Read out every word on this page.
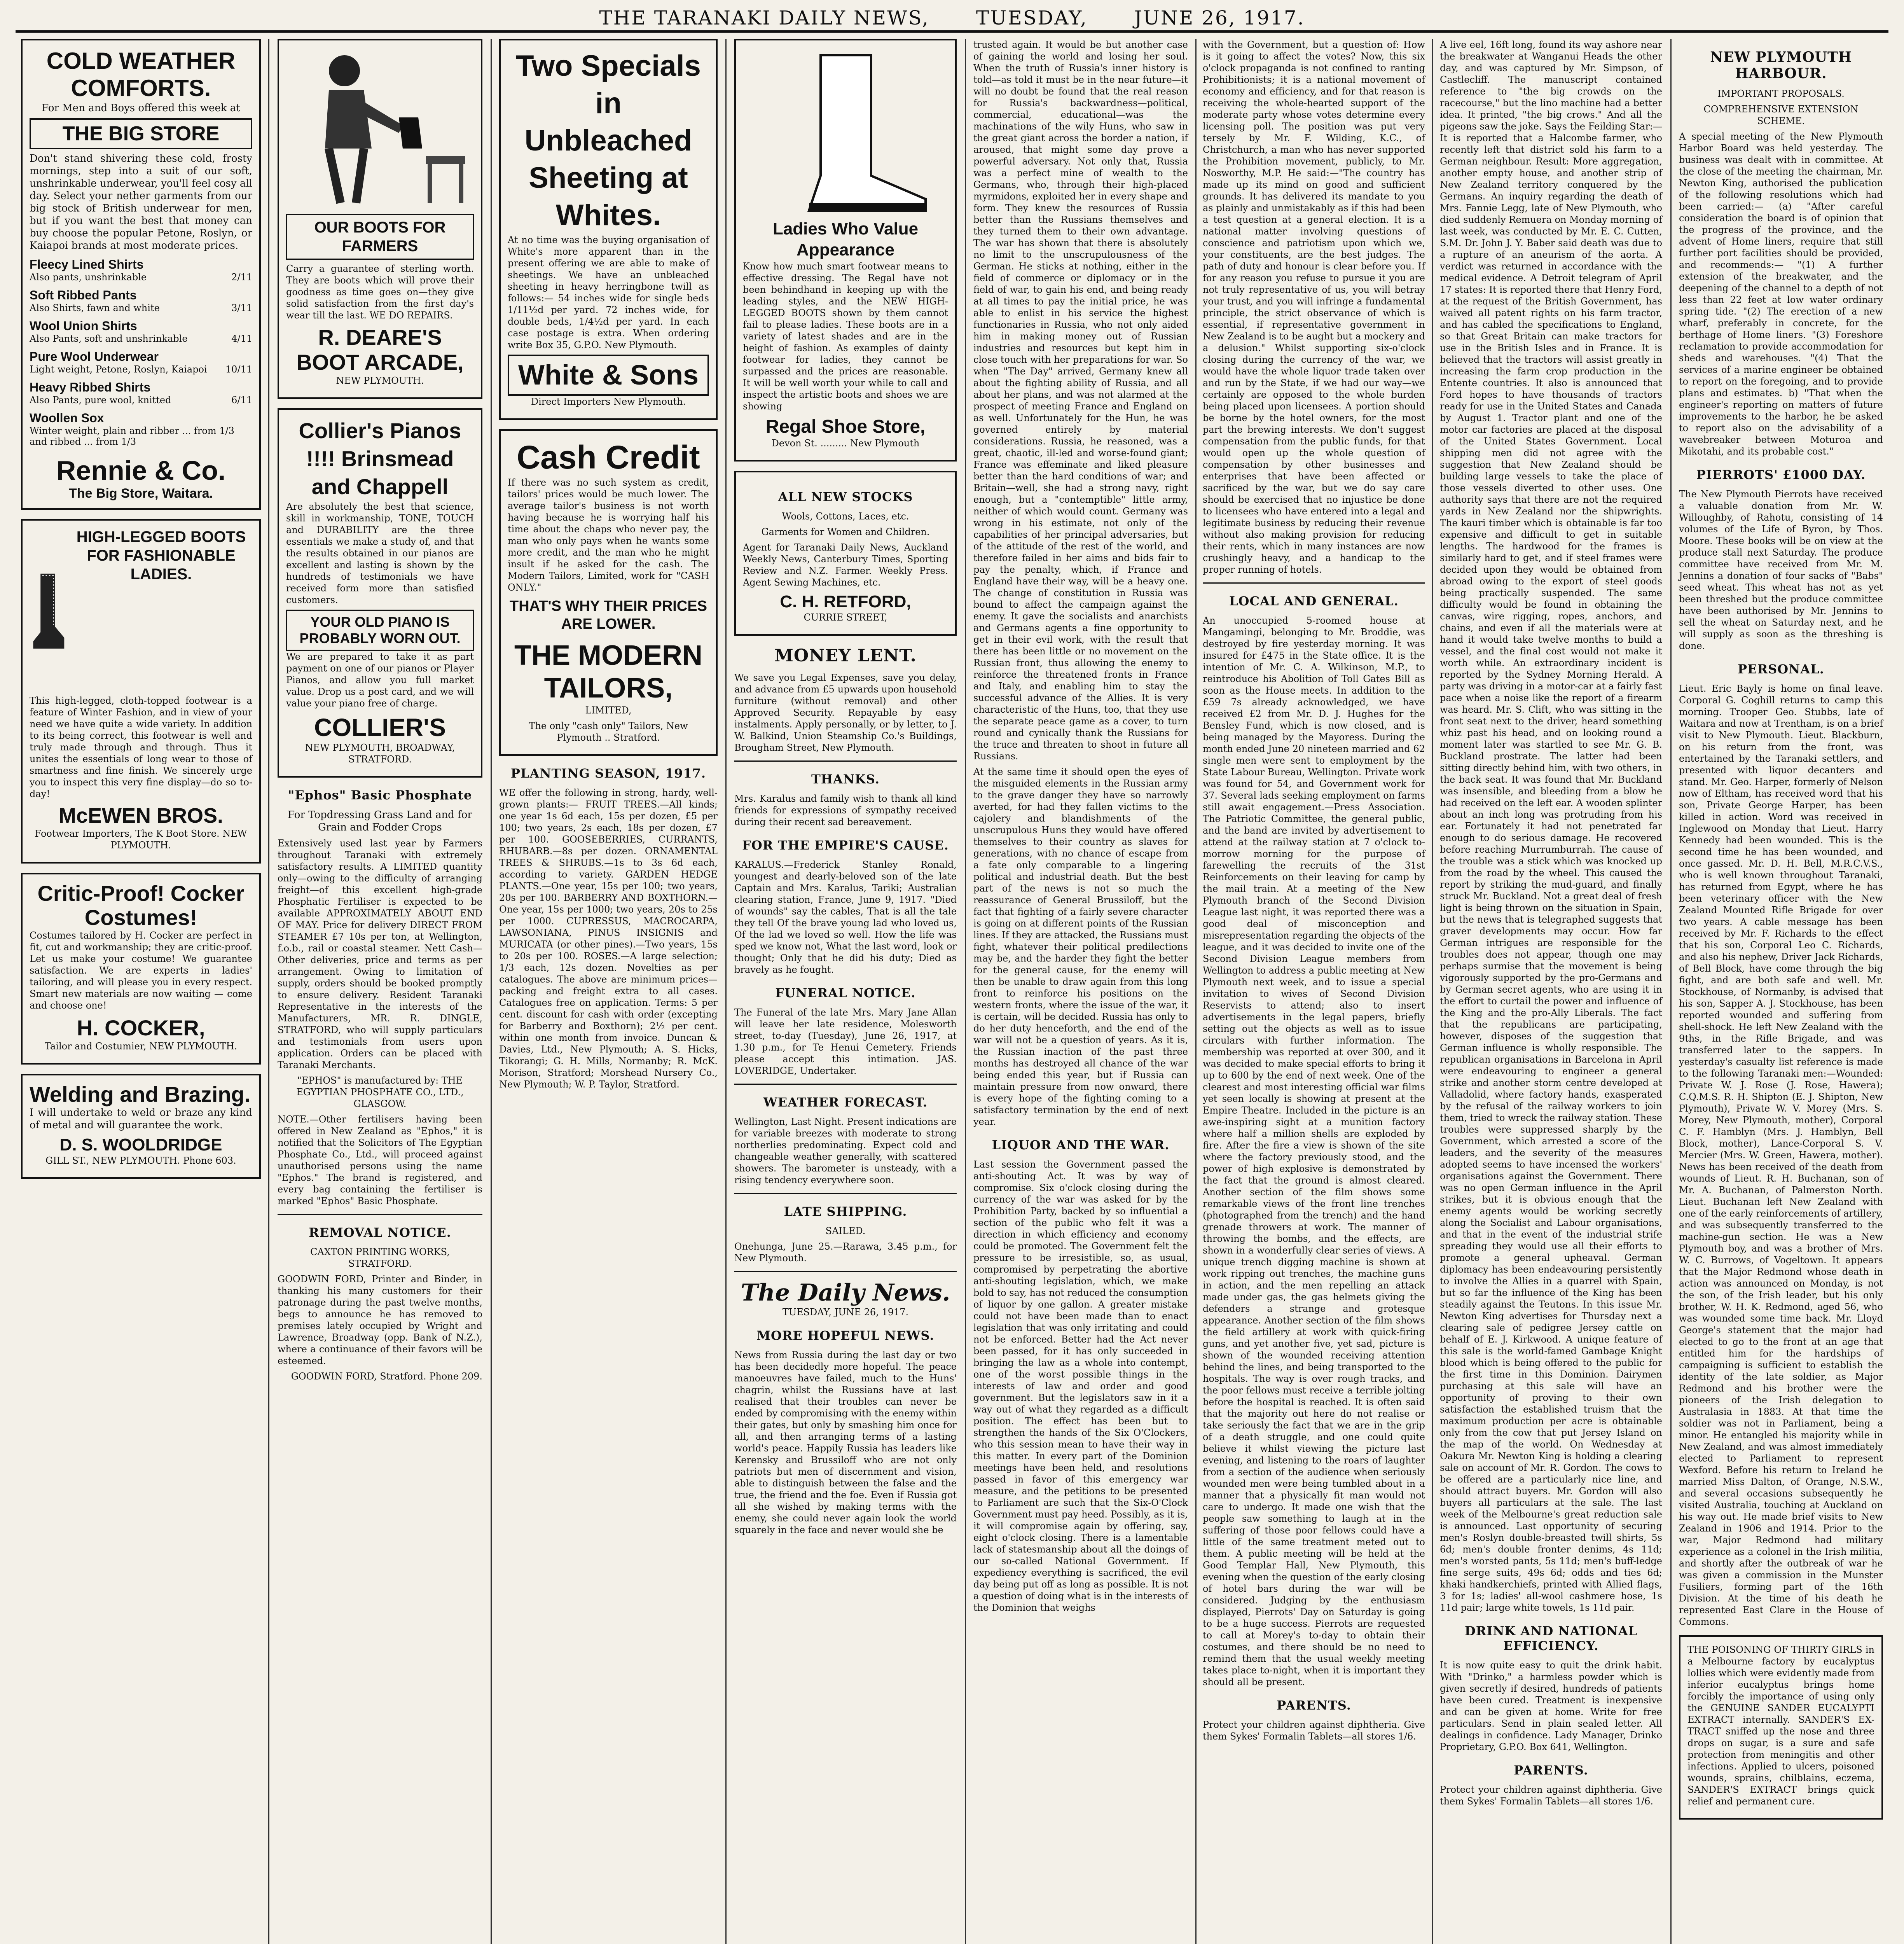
THE TARANAKI DAILY NEWS, TUESDAY, JUNE 26, 1917.
COLD WEATHER COMFORTS.

For Men and Boys offered this week at

THE BIG STORE

Don't stand shivering these cold, frosty mornings, step into a suit of our soft, unshrinkable underwear, you'll feel cosy all day. Select your nether garments from our big stock of British underwear for men, but if you want the best that money can buy choose the popular Petone, Roslyn, or Kaiapoi brands at most moderate prices.

Fleecy Lined Shirts
Also pants, unshrinkable	2/11
Soft Ribbed Pants
Also Shirts, fawn and white	3/11
Wool Union Shirts
Also Pants, soft and unshrinkable	4/11
Pure Wool Underwear
Light weight, Petone, Roslyn, Kaiapoi 10/11
Heavy Ribbed Shirts
Also Pants, pure wool, knitted	6/11
Woollen Sox
Winter weight, plain and ribber ... from 1/3 and ribbed ... from 1/3
Rennie & Co.
The Big Store, Waitara.
HIGH-LEGGED BOOTS FOR FASHIONABLE LADIES.

This high-legged, cloth-topped footwear is a feature of Winter Fashion, and in view of your need we have quite a wide variety. In addition to its being correct, this footwear is well and truly made through and through. Thus it unites the essentials of long wear to those of smartness and fine finish. We sincerely urge you to inspect this very fine display—do so to-day!

McEWEN BROS.

Footwear Importers, The K Boot Store. NEW PLYMOUTH.

Critic-Proof! Cocker Costumes!

Costumes tailored by H. Cocker are perfect in fit, cut and workmanship; they are critic-proof. Let us make your costume! We guarantee satisfaction. We are experts in ladies' tailoring, and will please you in every respect. Smart new materials are now waiting — come and choose one!

H. COCKER,

Tailor and Costumier, NEW PLYMOUTH.

Welding and Brazing.

I will undertake to weld or braze any kind of metal and will guarantee the work.

D. S. WOOLDRIDGE

GILL ST., NEW PLYMOUTH. Phone 603.

OUR BOOTS FOR FARMERS

Carry a guarantee of sterling worth. They are boots which will prove their goodness as time goes on—they give solid satisfaction from the first day's wear till the last. WE DO REPAIRS.

R. DEARE'S BOOT ARCADE,

NEW PLYMOUTH.

Collier's Pianos !!!! Brinsmead and Chappell

Are absolutely the best that science, skill in workmanship, TONE, TOUCH and DURABILITY are the three essentials we make a study of, and that the results obtained in our pianos are excellent and lasting is shown by the hundreds of testimonials we have received form more than satisfied customers.

YOUR OLD PIANO IS PROBABLY WORN OUT.

We are prepared to take it as part payment on one of our pianos or Player Pianos, and allow you full market value. Drop us a post card, and we will value your piano free of charge.

COLLIER'S

NEW PLYMOUTH, BROADWAY, STRATFORD.

"Ephos" Basic Phosphate

For Topdressing Grass Land and for Grain and Fodder Crops

Extensively used last year by Farmers throughout Taranaki with extremely satisfactory results. A LIMITED quantity only—owing to the difficulty of arranging freight—of this excellent high-grade Phosphatic Fertiliser is expected to be available APPROXIMATELY ABOUT END OF MAY. Price for delivery DIRECT FROM STEAMER £7 10s per ton, at Wellington, f.o.b., rail or coastal steamer. Nett Cash—Other deliveries, price and terms as per arrangement. Owing to limitation of supply, orders should be booked promptly to ensure delivery. Resident Taranaki Representative in the interests of the Manufacturers, MR. R. DINGLE, STRATFORD, who will supply particulars and testimonials from users upon application. Orders can be placed with Taranaki Merchants.

"EPHOS" is manufactured by: THE EGYPTIAN PHOSPHATE CO., LTD., GLASGOW.

NOTE.—Other fertilisers having been offered in New Zealand as "Ephos," it is notified that the Solicitors of The Egyptian Phosphate Co., Ltd., will proceed against unauthorised persons using the name "Ephos." The brand is registered, and every bag containing the fertiliser is marked "Ephos" Basic Phosphate.

REMOVAL NOTICE.

CAXTON PRINTING WORKS, STRATFORD.

GOODWIN FORD, Printer and Binder, in thanking his many customers for their patronage during the past twelve months, begs to announce he has removed to premises lately occupied by Wright and Lawrence, Broadway (opp. Bank of N.Z.), where a continuance of their favors will be esteemed.

GOODWIN FORD, Stratford. Phone 209.

Two Specials in Unbleached Sheeting at Whites.

At no time was the buying organisation of White's more apparent than in the present offering we are able to make of sheetings. We have an unbleached sheeting in heavy herringbone twill as follows:— 54 inches wide for single beds 1/11½d per yard. 72 inches wide, for double beds, 1/4½d per yard. In each case postage is extra. When ordering write Box 35, G.P.O. New Plymouth.

White & Sons

Direct Importers New Plymouth.

Cash Credit

If there was no such system as credit, tailors' prices would be much lower. The average tailor's business is not worth having because he is worrying half his time about the chaps who never pay, the man who only pays when he wants some more credit, and the man who he might insult if he asked for the cash. The Modern Tailors, Limited, work for "CASH ONLY."

THAT'S WHY THEIR PRICES ARE LOWER.
THE MODERN TAILORS,

LIMITED,

The only "cash only" Tailors, New Plymouth .. Stratford.

PLANTING SEASON, 1917.

WE offer the following in strong, hardy, well-grown plants:— FRUIT TREES.—All kinds; one year 1s 6d each, 15s per dozen, £5 per 100; two years, 2s each, 18s per dozen, £7 per 100. GOOSEBERRIES, CURRANTS, RHUBARB.—8s per dozen. ORNAMENTAL TREES & SHRUBS.—1s to 3s 6d each, according to variety. GARDEN HEDGE PLANTS.—One year, 15s per 100; two years, 20s per 100. BARBERRY AND BOXTHORN.—One year, 15s per 1000; two years, 20s to 25s per 1000. CUPRESSUS, MACROCARPA, LAWSONIANA, PINUS INSIGNIS and MURICATA (or other pines).—Two years, 15s to 20s per 100. ROSES.—A large selection; 1/3 each, 12s dozen. Novelties as per catalogues. The above are minimum prices—packing and freight extra to all cases. Catalogues free on application. Terms: 5 per cent. discount for cash with order (excepting for Barberry and Boxthorn); 2½ per cent. within one month from invoice. Duncan & Davies, Ltd., New Plymouth; A. S. Hicks, Tikorangi; G. H. Mills, Normanby; R. McK. Morison, Stratford; Morshead Nursery Co., New Plymouth; W. P. Taylor, Stratford.

Ladies Who Value Appearance

Know how much smart footwear means to effective dressing. The Regal have not been behindhand in keeping up with the leading styles, and the NEW HIGH-LEGGED BOOTS shown by them cannot fail to please ladies. These boots are in a variety of latest shades and are in the height of fashion. As examples of dainty footwear for ladies, they cannot be surpassed and the prices are reasonable. It will be well worth your while to call and inspect the artistic boots and shoes we are showing

Regal Shoe Store,

Devon St. ......... New Plymouth

ALL NEW STOCKS

Wools, Cottons, Laces, etc.

Garments for Women and Children.

Agent for Taranaki Daily News, Auckland Weekly News, Canterbury Times, Sporting Review and N.Z. Farmer. Weekly Press. Agent Sewing Machines, etc.

C. H. RETFORD,

CURRIE STREET,

MONEY LENT.

We save you Legal Expenses, save you delay, and advance from £5 upwards upon household furniture (without removal) and other Approved Security. Repayable by easy instalments. Apply personally, or by letter, to J. W. Balkind, Union Steamship Co.'s Buildings, Brougham Street, New Plymouth.

THANKS.

Mrs. Karalus and family wish to thank all kind friends for expressions of sympathy received during their recent sad bereavement.

FOR THE EMPIRE'S CAUSE.

KARALUS.—Frederick Stanley Ronald, youngest and dearly-beloved son of the late Captain and Mrs. Karalus, Tariki; Australian clearing station, France, June 9, 1917. "Died of wounds" say the cables, That is all the tale they tell Of the brave young lad who loved us, Of the lad we loved so well. How the life was sped we know not, What the last word, look or thought; Only that he did his duty; Died as bravely as he fought.

FUNERAL NOTICE.

The Funeral of the late Mrs. Mary Jane Allan will leave her late residence, Molesworth street, to-day (Tuesday), June 26, 1917, at 1.30 p.m., for Te Henui Cemetery. Friends please accept this intimation. JAS. LOVERIDGE, Undertaker.

WEATHER FORECAST.

Wellington, Last Night. Present indications are for variable breezes with moderate to strong northerlies predominating. Expect cold and changeable weather generally, with scattered showers. The barometer is unsteady, with a rising tendency everywhere soon.

LATE SHIPPING.

SAILED.

Onehunga, June 25.—Rarawa, 3.45 p.m., for New Plymouth.

The Daily News.

TUESDAY, JUNE 26, 1917.

MORE HOPEFUL NEWS.

News from Russia during the last day or two has been decidedly more hopeful. The peace manoeuvres have failed, much to the Huns' chagrin, whilst the Russians have at last realised that their troubles can never be ended by compromising with the enemy within their gates, but only by smashing him once for all, and then arranging terms of a lasting world's peace. Happily Russia has leaders like Kerensky and Brussiloff who are not only patriots but men of discernment and vision, able to distinguish between the false and the true, the friend and the foe. Even if Russia got all she wished by making terms with the enemy, she could never again look the world squarely in the face and never would she be

trusted again. It would be but another case of gaining the world and losing her soul. When the truth of Russia's inner history is told—as told it must be in the near future—it will no doubt be found that the real reason for Russia's backwardness—political, commercial, educational—was the machinations of the wily Huns, who saw in the great giant across the border a nation, if aroused, that might some day prove a powerful adversary. Not only that, Russia was a perfect mine of wealth to the Germans, who, through their high-placed myrmidons, exploited her in every shape and form. They knew the resources of Russia better than the Russians themselves and they turned them to their own advantage. The war has shown that there is absolutely no limit to the unscrupulousness of the German. He sticks at nothing, either in the field of commerce or diplomacy or in the field of war, to gain his end, and being ready at all times to pay the initial price, he was able to enlist in his service the highest functionaries in Russia, who not only aided him in making money out of Russian industries and resources but kept him in close touch with her preparations for war. So when "The Day" arrived, Germany knew all about the fighting ability of Russia, and all about her plans, and was not alarmed at the prospect of meeting France and England on as well. Unfortunately for the Hun, he was governed entirely by material considerations. Russia, he reasoned, was a great, chaotic, ill-led and worse-found giant; France was effeminate and liked pleasure better than the hard conditions of war; and Britain—well, she had a strong navy, right enough, but a "contemptible" little army, neither of which would count. Germany was wrong in his estimate, not only of the capabilities of her principal adversaries, but of the attitude of the rest of the world, and therefore failed in her aims and bids fair to pay the penalty, which, if France and England have their way, will be a heavy one. The change of constitution in Russia was bound to affect the campaign against the enemy. It gave the socialists and anarchists and Germans agents a fine opportunity to get in their evil work, with the result that there has been little or no movement on the Russian front, thus allowing the enemy to reinforce the threatened fronts in France and Italy, and enabling him to stay the successful advance of the Allies. It is very characteristic of the Huns, too, that they use the separate peace game as a cover, to turn round and cynically thank the Russians for the truce and threaten to shoot in future all Russians.

At the same time it should open the eyes of the misguided elements in the Russian army to the grave danger they have so narrowly averted, for had they fallen victims to the cajolery and blandishments of the unscrupulous Huns they would have offered themselves to their country as slaves for generations, with no chance of escape from a fate only comparable to a lingering political and industrial death. But the best part of the news is not so much the reassurance of General Brussiloff, but the fact that fighting of a fairly severe character is going on at different points of the Russian lines. If they are attacked, the Russians must fight, whatever their political predilections may be, and the harder they fight the better for the general cause, for the enemy will then be unable to draw again from this long front to reinforce his positions on the western fronts, where the issue of the war, it is certain, will be decided. Russia has only to do her duty henceforth, and the end of the war will not be a question of years. As it is, the Russian inaction of the past three months has destroyed all chance of the war being ended this year, but if Russia can maintain pressure from now onward, there is every hope of the fighting coming to a satisfactory termination by the end of next year.

LIQUOR AND THE WAR.

Last session the Government passed the anti-shouting Act. It was by way of compromise. Six o'clock closing during the currency of the war was asked for by the Prohibition Party, backed by so influential a section of the public who felt it was a direction in which efficiency and economy could be promoted. The Government felt the pressure to be irresistible, so, as usual, compromised by perpetrating the abortive anti-shouting legislation, which, we make bold to say, has not reduced the consumption of liquor by one gallon. A greater mistake could not have been made than to enact legislation that was only irritating and could not be enforced. Better had the Act never been passed, for it has only succeeded in bringing the law as a whole into contempt, one of the worst possible things in the interests of law and order and good government. But the legislators saw in it a way out of what they regarded as a difficult position. The effect has been but to strengthen the hands of the Six O'Clockers, who this session mean to have their way in this matter. In every part of the Dominion meetings have been held, and resolutions passed in favor of this emergency war measure, and the petitions to be presented to Parliament are such that the Six-O'Clock Government must pay heed. Possibly, as it is, it will compromise again by offering, say, eight o'clock closing. There is a lamentable lack of statesmanship about all the doings of our so-called National Government. If expediency everything is sacrificed, the evil day being put off as long as possible. It is not a question of doing what is in the interests of the Dominion that weighs

with the Government, but a question of: How is it going to affect the votes? Now, this six o'clock propaganda is not confined to ranting Prohibitionists; it is a national movement of economy and efficiency, and for that reason is receiving the whole-hearted support of the moderate party whose votes determine every licensing poll. The position was put very tersely by Mr. F. Wilding, K.C., of Christchurch, a man who has never supported the Prohibition movement, publicly, to Mr. Nosworthy, M.P. He said:—"The country has made up its mind on good and sufficient grounds. It has delivered its mandate to you as plainly and unmistakably as if this had been a test question at a general election. It is a national matter involving questions of conscience and patriotism upon which we, your constituents, are the best judges. The path of duty and honour is clear before you. If for any reason you refuse to pursue it you are not truly representative of us, you will betray your trust, and you will infringe a fundamental principle, the strict observance of which is essential, if representative government in New Zealand is to be aught but a mockery and a delusion." Whilst supporting six-o'clock closing during the currency of the war, we would have the whole liquor trade taken over and run by the State, if we had our way—we certainly are opposed to the whole burden being placed upon licensees. A portion should be borne by the hotel owners, for the most part the brewing interests. We don't suggest compensation from the public funds, for that would open up the whole question of compensation by other businesses and enterprises that have been affected or sacrificed by the war, but we do say care should be exercised that no injustice be done to licensees who have entered into a legal and legitimate business by reducing their revenue without also making provision for reducing their rents, which in many instances are now crushingly heavy, and a handicap to the proper running of hotels.

LOCAL AND GENERAL.

An unoccupied 5-roomed house at Mangamingi, belonging to Mr. Broddie, was destroyed by fire yesterday morning. It was insured for £475 in the State office. It is the intention of Mr. C. A. Wilkinson, M.P., to reintroduce his Abolition of Toll Gates Bill as soon as the House meets. In addition to the £59 7s already acknowledged, we have received £2 from Mr. D. J. Hughes for the Bensley Fund, which is now closed, and is being managed by the Mayoress. During the month ended June 20 nineteen married and 62 single men were sent to employment by the State Labour Bureau, Wellington. Private work was found for 54, and Government work for 37. Several lads seeking employment on farms still await engagement.—Press Association. The Patriotic Committee, the general public, and the band are invited by advertisement to attend at the railway station at 7 o'clock to-morrow morning for the purpose of farewelling the recruits of the 31st Reinforcements on their leaving for camp by the mail train. At a meeting of the New Plymouth branch of the Second Division League last night, it was reported there was a good deal of misconception and misrepresentation regarding the objects of the league, and it was decided to invite one of the Second Division League members from Wellington to address a public meeting at New Plymouth next week, and to issue a special invitation to wives of Second Division Reservists to attend; also to insert advertisements in the legal papers, briefly setting out the objects as well as to issue circulars with further information. The membership was reported at over 300, and it was decided to make special efforts to bring it up to 600 by the end of next week. One of the clearest and most interesting official war films yet seen locally is showing at present at the Empire Theatre. Included in the picture is an awe-inspiring sight at a munition factory where half a million shells are exploded by fire. After the fire a view is shown of the site where the factory previously stood, and the power of high explosive is demonstrated by the fact that the ground is almost cleared. Another section of the film shows some remarkable views of the front line trenches (photographed from the trench) and the hand grenade throwers at work. The manner of throwing the bombs, and the effects, are shown in a wonderfully clear series of views. A unique trench digging machine is shown at work ripping out trenches, the machine guns in action, and the men repelling an attack made under gas, the gas helmets giving the defenders a strange and grotesque appearance. Another section of the film shows the field artillery at work with quick-firing guns, and yet another five, yet sad, picture is shown of the wounded receiving attention behind the lines, and being transported to the hospitals. The way is over rough tracks, and the poor fellows must receive a terrible jolting before the hospital is reached. It is often said that the majority out here do not realise or take seriously the fact that we are in the grip of a death struggle, and one could quite believe it whilst viewing the picture last evening, and listening to the roars of laughter from a section of the audience when seriously wounded men were being tumbled about in a manner that a physically fit man would not care to undergo. It made one wish that the people saw something to laugh at in the suffering of those poor fellows could have a little of the same treatment meted out to them. A public meeting will be held at the Good Templar Hall, New Plymouth, this evening when the question of the early closing of hotel bars during the war will be considered. Judging by the enthusiasm displayed, Pierrots' Day on Saturday is going to be a huge success. Pierrots are requested to call at Morey's to-day to obtain their costumes, and there should be no need to remind them that the usual weekly meeting takes place to-night, when it is important they should all be present.

PARENTS.

Protect your children against diphtheria. Give them Sykes' Formalin Tablets—all stores 1/6.

A live eel, 16ft long, found its way ashore near the breakwater at Wanganui Heads the other day, and was captured by Mr. Simpson, of Castlecliff. The manuscript contained reference to "the big crowds on the racecourse," but the lino machine had a better idea. It printed, "the big crows." And all the pigeons saw the joke. Says the Feilding Star:—It is reported that a Halcombe farmer, who recently left that district sold his farm to a German neighbour. Result: More aggregation, another empty house, and another strip of New Zealand territory conquered by the Germans. An inquiry regarding the death of Mrs. Fannie Legg, late of New Plymouth, who died suddenly Remuera on Monday morning of last week, was conducted by Mr. E. C. Cutten, S.M. Dr. John J. Y. Baber said death was due to a rupture of an aneurism of the aorta. A verdict was returned in accordance with the medical evidence. A Detroit telegram of April 17 states: It is reported there that Henry Ford, at the request of the British Government, has waived all patent rights on his farm tractor, and has cabled the specifications to England, so that Great Britain can make tractors for use in the British Isles and in France. It is believed that the tractors will assist greatly in increasing the farm crop production in the Entente countries. It also is announced that Ford hopes to have thousands of tractors ready for use in the United States and Canada by August 1. Tractor plant and one of the motor car factories are placed at the disposal of the United States Government. Local shipping men did not agree with the suggestion that New Zealand should be building large vessels to take the place of those vessels diverted to other uses. One authority says that there are not the required yards in New Zealand nor the shipwrights. The kauri timber which is obtainable is far too expensive and difficult to get in suitable lengths. The hardwood for the frames is similarly hard to get, and if steel frames were decided upon they would be obtained from abroad owing to the export of steel goods being practically suspended. The same difficulty would be found in obtaining the canvas, wire rigging, ropes, anchors, and chains, and even if all the materials were at hand it would take twelve months to build a vessel, and the final cost would not make it worth while. An extraordinary incident is reported by the Sydney Morning Herald. A party was driving in a motor-car at a fairly fast pace when a noise like the report of a firearm was heard. Mr. S. Clift, who was sitting in the front seat next to the driver, heard something whiz past his head, and on looking round a moment later was startled to see Mr. G. B. Buckland prostrate. The latter had been sitting directly behind him, with two others, in the back seat. It was found that Mr. Buckland was insensible, and bleeding from a blow he had received on the left ear. A wooden splinter about an inch long was protruding from his ear. Fortunately it had not penetrated far enough to do serious damage. He recovered before reaching Murrumburrah. The cause of the trouble was a stick which was knocked up from the road by the wheel. This caused the report by striking the mud-guard, and finally struck Mr. Buckland. Not a great deal of fresh light is being thrown on the situation in Spain, but the news that is telegraphed suggests that graver developments may occur. How far German intrigues are responsible for the troubles does not appear, though one may perhaps surmise that the movement is being vigorously supported by the pro-Germans and by German secret agents, who are using it in the effort to curtail the power and influence of the King and the pro-Ally Liberals. The fact that the republicans are participating, however, disposes of the suggestion that German influence is wholly responsible. The republican organisations in Barcelona in April were endeavouring to engineer a general strike and another storm centre developed at Valladolid, where factory hands, exasperated by the refusal of the railway workers to join them, tried to wreck the railway station. These troubles were suppressed sharply by the Government, which arrested a score of the leaders, and the severity of the measures adopted seems to have incensed the workers' organisations against the Government. There was no open German influence in the April strikes, but it is obvious enough that the enemy agents would be working secretly along the Socialist and Labour organisations, and that in the event of the industrial strife spreading they would use all their efforts to promote a general upheaval. German diplomacy has been endeavouring persistently to involve the Allies in a quarrel with Spain, but so far the influence of the King has been steadily against the Teutons. In this issue Mr. Newton King advertises for Thursday next a clearing sale of pedigree Jersey cattle on behalf of E. J. Kirkwood. A unique feature of this sale is the world-famed Gambage Knight blood which is being offered to the public for the first time in this Dominion. Dairymen purchasing at this sale will have an opportunity of proving to their own satisfaction the established truism that the maximum production per acre is obtainable only from the cow that put Jersey Island on the map of the world. On Wednesday at Oakura Mr. Newton King is holding a clearing sale on account of Mr. R. Gordon. The cows to be offered are a particularly nice line, and should attract buyers. Mr. Gordon will also buyers all particulars at the sale. The last week of the Melbourne's great reduction sale is announced. Last opportunity of securing men's Roslyn double-breasted twill shirts, 5s 6d; men's double fronter denims, 4s 11d; men's worsted pants, 5s 11d; men's buff-ledge fine serge suits, 49s 6d; odds and ties 6d; khaki handkerchiefs, printed with Allied flags, 3 for 1s; ladies' all-wool cashmere hose, 1s 11d pair; large white towels, 1s 11d pair.

DRINK AND NATIONAL EFFICIENCY.

It is now quite easy to quit the drink habit. With "Drinko," a harmless powder which is given secretly if desired, hundreds of patients have been cured. Treatment is inexpensive and can be given at home. Write for free particulars. Send in plain sealed letter. All dealings in confidence. Lady Manager, Drinko Proprietary, G.P.O. Box 641, Wellington.

PARENTS.

Protect your children against diphtheria. Give them Sykes' Formalin Tablets—all stores 1/6.

NEW PLYMOUTH HARBOUR.

IMPORTANT PROPOSALS.

COMPREHENSIVE EXTENSION SCHEME.

A special meeting of the New Plymouth Harbor Board was held yesterday. The business was dealt with in committee. At the close of the meeting the chairman, Mr. Newton King, authorised the publication of the following resolutions which had been carried:— (a) "After careful consideration the board is of opinion that the progress of the province, and the advent of Home liners, require that still further port facilities should be provided, and recommends:— "(1) A further extension of the breakwater, and the deepening of the channel to a depth of not less than 22 feet at low water ordinary spring tide. "(2) The erection of a new wharf, preferably in concrete, for the berthage of Home liners. "(3) Foreshore reclamation to provide accommodation for sheds and warehouses. "(4) That the services of a marine engineer be obtained to report on the foregoing, and to provide plans and estimates. b) "That when the engineer's reporting on matters of future improvements to the harbor, he be asked to report also on the advisability of a wavebreaker between Moturoa and Mikotahi, and its probable cost."

PIERROTS' £1000 DAY.

The New Plymouth Pierrots have received a valuable donation from Mr. W. Willoughby, of Rahotu, consisting of 14 volumes of the Life of Byron, by Thos. Moore. These books will be on view at the produce stall next Saturday. The produce committee have received from Mr. M. Jennins a donation of four sacks of "Babs" seed wheat. This wheat has not as yet been threshed but the produce committee have been authorised by Mr. Jennins to sell the wheat on Saturday next, and he will supply as soon as the threshing is done.

PERSONAL.

Lieut. Eric Bayly is home on final leave. Corporal G. Coghill returns to camp this morning. Trooper Geo. Stubbs, late of Waitara and now at Trentham, is on a brief visit to New Plymouth. Lieut. Blackburn, on his return from the front, was entertained by the Taranaki settlers, and presented with liquor decanters and stand. Mr. Geo. Harper, formerly of Nelson now of Eltham, has received word that his son, Private George Harper, has been killed in action. Word was received in Inglewood on Monday that Lieut. Harry Kennedy had been wounded. This is the second time he has been wounded, and once gassed. Mr. D. H. Bell, M.R.C.V.S., who is well known throughout Taranaki, has returned from Egypt, where he has been veterinary officer with the New Zealand Mounted Rifle Brigade for over two years. A cable message has been received by Mr. F. Richards to the effect that his son, Corporal Leo C. Richards, and also his nephew, Driver Jack Richards, of Bell Block, have come through the big fight, and are both safe and well. Mr. Stockhouse, of Normanby, is advised that his son, Sapper A. J. Stockhouse, has been reported wounded and suffering from shell-shock. He left New Zealand with the 9ths, in the Rifle Brigade, and was transferred later to the sappers. In yesterday's casualty list reference is made to the following Taranaki men:—Wounded: Private W. J. Rose (J. Rose, Hawera); C.Q.M.S. R. H. Shipton (E. J. Shipton, New Plymouth), Private W. V. Morey (Mrs. S. Morey, New Plymouth, mother), Corporal C. F. Hamblyn (Mrs. J. Hamblyn, Bell Block, mother), Lance-Corporal S. V. Mercier (Mrs. W. Green, Hawera, mother). News has been received of the death from wounds of Lieut. R. H. Buchanan, son of Mr. A. Buchanan, of Palmerston North. Lieut. Buchanan left New Zealand with one of the early reinforcements of artillery, and was subsequently transferred to the machine-gun section. He was a New Plymouth boy, and was a brother of Mrs. W. C. Burrows, of Vogeltown. It appears that the Major Redmond whose death in action was announced on Monday, is not the son, of the Irish leader, but his only brother, W. H. K. Redmond, aged 56, who was wounded some time back. Mr. Lloyd George's statement that the major had elected to go to the front at an age that entitled him for the hardships of campaigning is sufficient to establish the identity of the late soldier, as Major Redmond and his brother were the pioneers of the Irish delegation to Australasia in 1883. At that time the soldier was not in Parliament, being a minor. He entangled his majority while in New Zealand, and was almost immediately elected to Parliament to represent Wexford. Before his return to Ireland he married Miss Dalton, of Orange, N.S.W., and several occasions subsequently he visited Australia, touching at Auckland on his way out. He made brief visits to New Zealand in 1906 and 1914. Prior to the war, Major Redmond had military experience as a colonel in the Irish militia, and shortly after the outbreak of war he was given a commission in the Munster Fusiliers, forming part of the 16th Division. At the time of his death he represented East Clare in the House of Commons.

THE POISONING OF THIRTY GIRLS in a Melbourne factory by eucalyptus lollies which were evidently made from inferior eucalyptus brings home forcibly the importance of using only the GENUINE SANDER EUCALYPTI EXTRACT internally. SANDER'S EX-TRACT sniffed up the nose and three drops on sugar, is a sure and safe protection from meningitis and other infections. Applied to ulcers, poisoned wounds, sprains, chilblains, eczema, SANDER'S EXTRACT brings quick relief and permanent cure.
